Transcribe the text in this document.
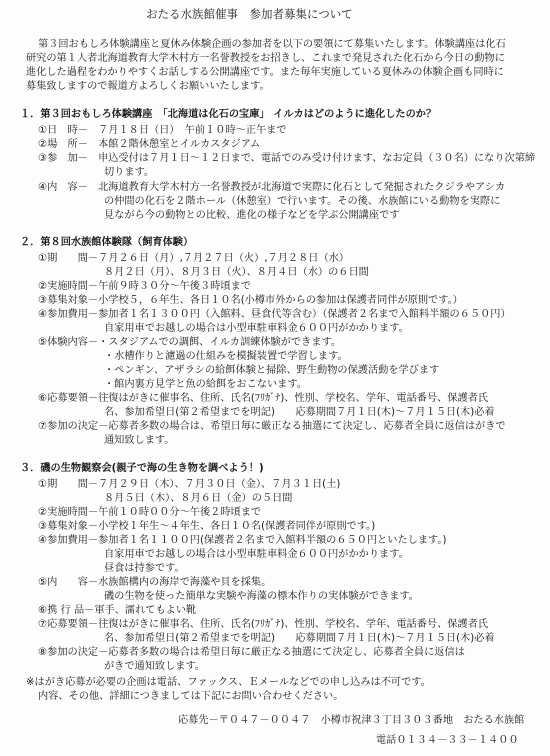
おたる水族館催事　参加者募集について
第３回おもしろ体験講座と夏休み体験企画の参加者を以下の要領にて募集いたします。体験講座は化石
研究の第１人者北海道教育大学木村方一名誉教授をお招きし、これまで発見された化石から今日の動物に
進化した過程をわかりやすくお話しする公開講座です。また毎年実施している夏休みの体験企画も同時に
募集致しますので報道方よろしくお願いいたします。
１．第３回おもしろ体験講座　「北海道は化石の宝庫」 イルカはどのように進化したのか？
①日　時－　７月１８日（日）　午前１０時～正午まで
②場　所－　本館２階休憩室とイルカスタジアム
③参　加－　申込受付は７月１日～１２日まで、電話でのみ受け付けます、なお定員（３０名）になり次第締
切ります。
④内　容－　北海道教育大学木村方一名誉教授が北海道で実際に化石として発掘されたクジラやアシカ
の仲間の化石を２階ホール（休憩室）で行います。その後、水族館にいる動物を実際に
見ながら今の動物との比較、進化の様子などを学ぶ公開講座です
２．第８回水族館体験隊（飼育体験）
①期　　間－７月２６日（月）,７月２７日（火）,７月２８日（水）
８月２日（月）、８月３日（火）、８月４日（水）の６日間
②実施時間－午前９時３０分～午後３時頃まで
③募集対象－小学校５，６年生、各日１０名(小樽市外からの参加は保護者同伴が原則です。）
④参加費用－参加者１名１３００円（入館料、昼食代等含む）（保護者２名まで入館料半額の６５０円）
自家用車でお越しの場合は小型車駐車料金６００円がかかります。
⑤体験内容－・スタジアムでの調餌、イルカ訓練体験ができます。
・水槽作りと濾過の仕組みを模擬装置で学習します。
・ペンギン、アザラシの給餌体験と掃除、野生動物の保護活動を学びます
・館内裏方見学と魚の給餌をおこないます。
⑥応募要領－往復はがきに催事名、住所、氏名(ﾌﾘｶﾞﾅ)、性別、学校名、学年、電話番号、保護者氏
名、参加希望日(第２希望までを明記)　　応募期間７月１日(木)～７月１５日(木)必着
⑦参加の決定－応募者多数の場合は、希望日毎に厳正なる抽選にて決定し、応募者全員に返信はがきで
通知致します。
３．磯の生物観察会(親子で海の生き物を調べよう！)
①期　　間－７月２９日（木）、７月３０日（金）、７月３１日(土)
８月５日（木）、８月６日（金）の５日間
②実施時間－午前１０時００分～午後２時頃まで
③募集対象－小学校１年生～４年生、各日１０名(保護者同伴が原則です。)
④参加費用－参加者１名１１００円(保護者２名まで入館料半額の６５０円といたします。)
自家用車でお越しの場合は小型車駐車料金６００円がかかります。
昼食は持参です。
⑤内　　容－水族館構内の海岸で海藻や貝を採集。
磯の生物を使った簡単な実験や海藻の標本作りの実体験ができます。
⑥携 行 品－軍手、濡れてもよい靴
⑦応募要領－往復はがきに催事名、住所、氏名(ﾌﾘｶﾞﾅ)、性別、学校名、学年、電話番号、保護者氏
名、参加希望日(第２希望までを明記)　　応募期間７月１日(木)～７月１５日(木)必着
⑧参加の決定－応募者多数の場合は希望日毎に厳正なる抽選にて決定し、応募者全員に返信は
がきで通知致します。
※はがき応募が必要の企画は電話、ファックス、Ｅメールなどでの申し込みは不可です。
内容、その他、詳細につきましては下記にお問い合わせください。
応募先－〒０４７－００４７　小樽市祝津３丁目３０３番地　おたる水族館
電話０１３４－３３－１４００
